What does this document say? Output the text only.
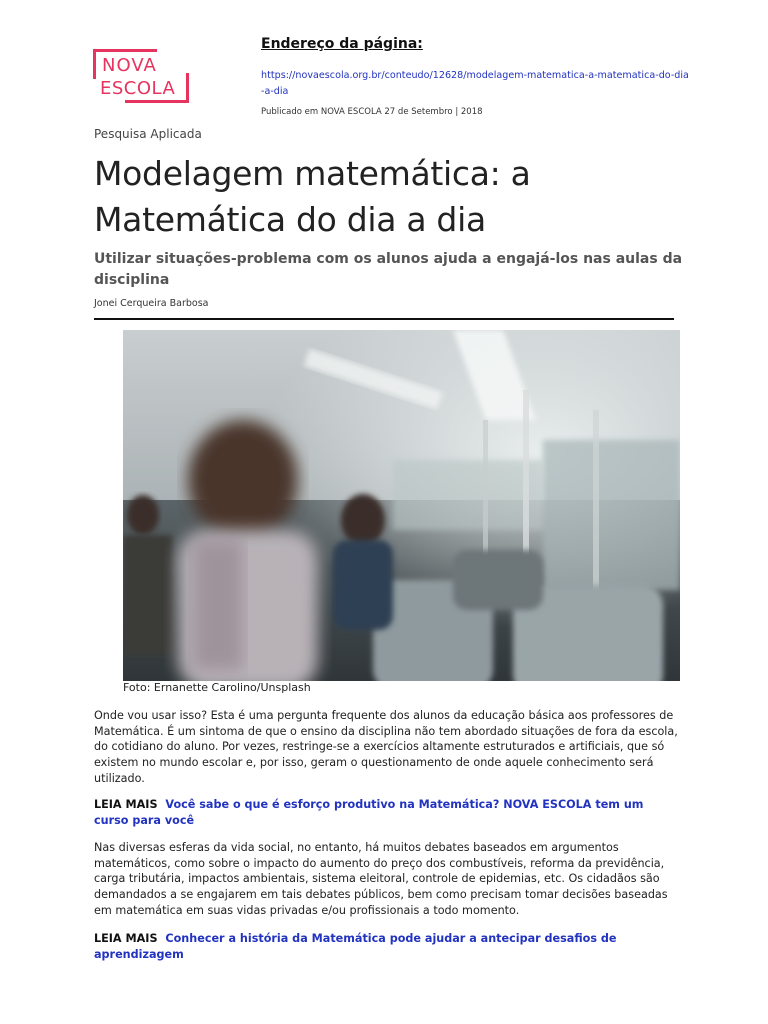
NOVA
ESCOLA
Endereço da página:
https://novaescola.org.br/conteudo/12628/modelagem-matematica-a-matematica-do-dia-a-dia
Publicado em NOVA ESCOLA 27 de Setembro | 2018
Pesquisa Aplicada
Modelagem matemática: a Matemática do dia a dia
Utilizar situações-problema com os alunos ajuda a engajá-los nas aulas da disciplina
Jonei Cerqueira Barbosa
Foto: Ernanette Carolino/Unsplash

Onde vou usar isso? Esta é uma pergunta frequente dos alunos da educação básica aos professores de Matemática. É um sintoma de que o ensino da disciplina não tem abordado situações de fora da escola, do cotidiano do aluno. Por vezes, restringe-se a exercícios altamente estruturados e artificiais, que só existem no mundo escolar e, por isso, geram o questionamento de onde aquele conhecimento será utilizado.

LEIA MAIS Você sabe o que é esforço produtivo na Matemática? NOVA ESCOLA tem um curso para você

Nas diversas esferas da vida social, no entanto, há muitos debates baseados em argumentos matemáticos, como sobre o impacto do aumento do preço dos combustíveis, reforma da previdência, carga tributária, impactos ambientais, sistema eleitoral, controle de epidemias, etc. Os cidadãos são demandados a se engajarem em tais debates públicos, bem como precisam tomar decisões baseadas em matemática em suas vidas privadas e/ou profissionais a todo momento.

LEIA MAIS Conhecer a história da Matemática pode ajudar a antecipar desafios de aprendizagem
